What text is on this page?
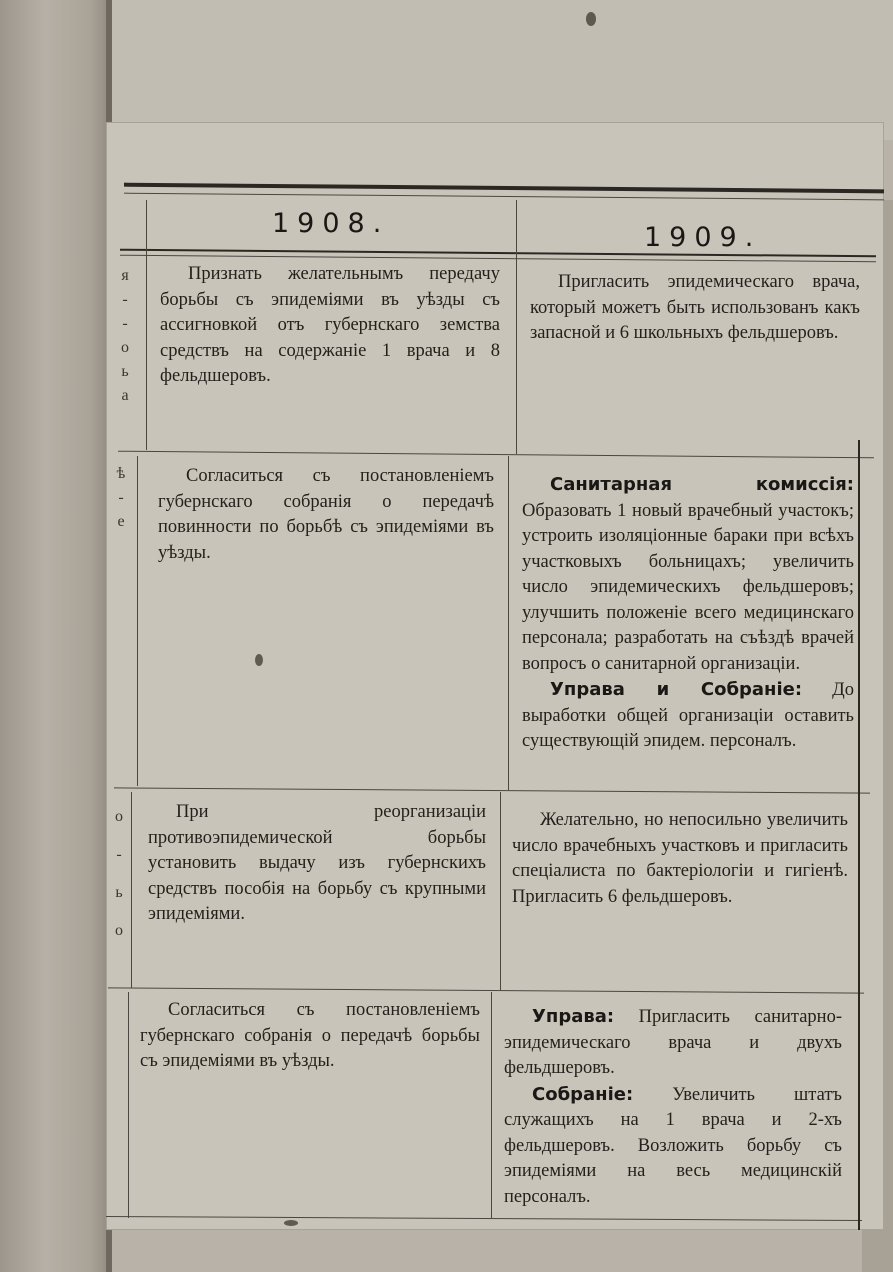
1908.	1909.
я
-
-
о
ь
а
ѣ
-
е
о
-
ь
о

Признать желательнымъ передачу борьбы съ эпидеміями въ уѣзды съ ассигновкой отъ губернскаго земства средствъ на содержаніе 1 врача и 8 фельдшеровъ.

Пригласить эпидемическаго врача, который можетъ быть использованъ какъ запасной и 6 школьныхъ фельдшеровъ.

Согласиться съ постановленіемъ губернскаго собранія о передачѣ повинности по борьбѣ съ эпидеміями въ уѣзды.

Санитарная комиссія: Образовать 1 новый врачебный участокъ; устроить изоляціонные бараки при всѣхъ участковыхъ больницахъ; увеличить число эпидемическихъ фельдшеровъ; улучшить положеніе всего медицинскаго персонала; разработать на съѣздѣ врачей вопросъ о санитарной организаціи.

Управа и Собраніе: До выработки общей организаціи оставить существующій эпидем. персоналъ.

При реорганизаціи противоэпидемической борьбы установить выдачу изъ губернскихъ средствъ пособія на борьбу съ крупными эпидеміями.

Желательно, но непосильно увеличить число врачебныхъ участковъ и пригласить спеціалиста по бактеріологіи и гигіенѣ. Пригласить 6 фельдшеровъ.

Согласиться съ постановленіемъ губернскаго собранія о передачѣ борьбы съ эпидеміями въ уѣзды.

Управа: Пригласить санитарно-эпидемическаго врача и двухъ фельдшеровъ.

Собраніе: Увеличить штатъ служащихъ на 1 врача и 2-хъ фельдшеровъ. Возложить борьбу съ эпидеміями на весь медицинскій персоналъ.
